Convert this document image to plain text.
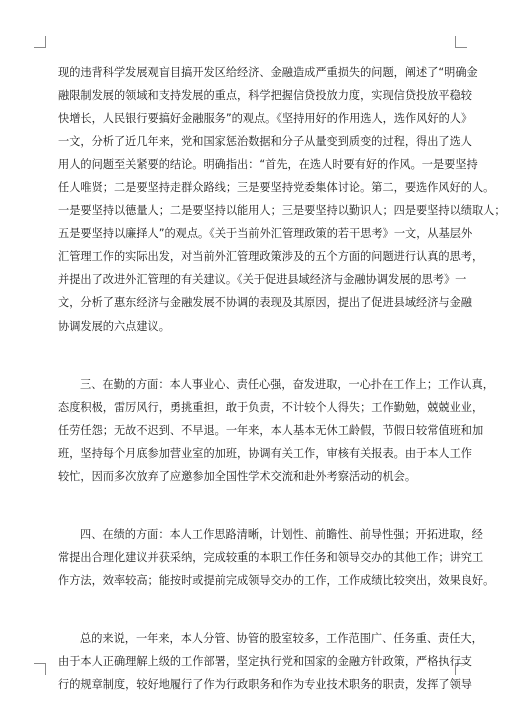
现的违背科学发展观盲目搞开发区给经济、金融造成严重损失的问题，阐述了“明确金
融限制发展的领域和支持发展的重点，科学把握信贷投放力度，实现信贷投放平稳较
快增长，人民银行要搞好金融服务”的观点。《坚持用好的作用选人，选作风好的人》
一文，分析了近几年来，党和国家惩治数据和分子从量变到质变的过程，得出了选人
用人的问题至关紧要的结论。明确指出：“首先，在选人时要有好的作风。一是要坚持
任人唯贤；二是要坚持走群众路线；三是要坚持党委集体讨论。第二，要选作风好的人。
一是要坚持以德量人；二是要坚持以能用人；三是要坚持以勤识人；四是要坚持以绩取人；
五是要坚持以廉择人”的观点。《关于当前外汇管理政策的若干思考》一文，从基层外
汇管理工作的实际出发，对当前外汇管理政策涉及的五个方面的问题进行认真的思考，
并提出了改进外汇管理的有关建议。《关于促进县域经济与金融协调发展的思考》一
文，分析了惠东经济与金融发展不协调的表现及其原因，提出了促进县域经济与金融
协调发展的六点建议。
三、在勤的方面：本人事业心、责任心强，奋发进取，一心扑在工作上；工作认真，
态度积极，雷厉风行，勇挑重担，敢于负责，不计较个人得失；工作勤勉，兢兢业业，
任劳任怨；无故不迟到、不早退。一年来，本人基本无休工龄假，节假日较常值班和加
班，坚持每个月底参加营业室的加班，协调有关工作，审核有关报表。由于本人工作
较忙，因而多次放弃了应邀参加全国性学术交流和赴外考察活动的机会。
四、在绩的方面：本人工作思路清晰，计划性、前瞻性、前导性强；开拓进取，经
常提出合理化建议并获采纳，完成较重的本职工作任务和领导交办的其他工作；讲究工
作方法，效率较高；能按时或提前完成领导交办的工作，工作成绩比较突出，效果良好。
总的来说，一年来，本人分管、协管的股室较多，工作范围广、任务重、责任大，
由于本人正确理解上级的工作部署，坚定执行党和国家的金融方针政策，严格执行支
行的规章制度，较好地履行了作为行政职务和作为专业技术职务的职责，发挥了领导
